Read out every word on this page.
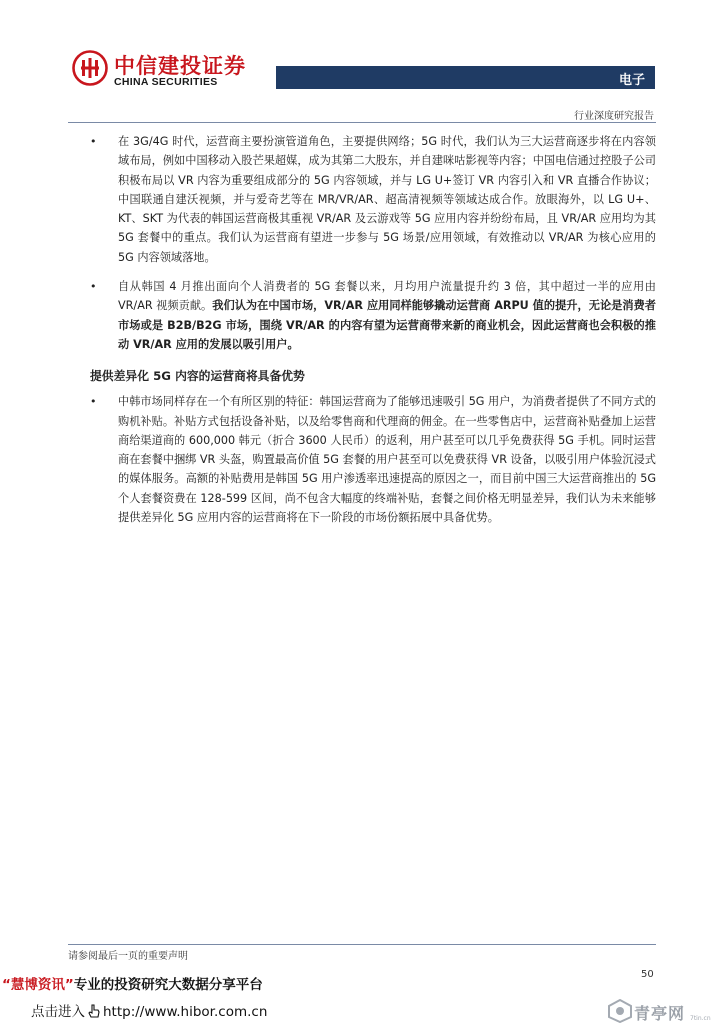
中信建投证券
CHINA SECURITIES	电子
行业深度研究报告
• 在 3G/4G 时代，运营商主要扮演管道角色，主要提供网络；5G 时代，我们认为三大运营商逐步将在内容领域布局，例如中国移动入股芒果超媒，成为其第二大股东，并自建咪咕影视等内容；中国电信通过控股子公司积极布局以 VR 内容为重要组成部分的 5G 内容领域，并与 LG U+签订 VR 内容引入和 VR 直播合作协议；中国联通自建沃视频，并与爱奇艺等在 MR/VR/AR、超高清视频等领域达成合作。放眼海外，以 LG U+、KT、SKT 为代表的韩国运营商极其重视 VR/AR 及云游戏等 5G 应用内容并纷纷布局，且 VR/AR 应用均为其 5G 套餐中的重点。我们认为运营商有望进一步参与 5G 场景/应用领域，有效推动以 VR/AR 为核心应用的 5G 内容领域落地。
• 自从韩国 4 月推出面向个人消费者的 5G 套餐以来，月均用户流量提升约 3 倍，其中超过一半的应用由 VR/AR 视频贡献。我们认为在中国市场，VR/AR 应用同样能够撬动运营商 ARPU 值的提升，无论是消费者市场或是 B2B/B2G 市场，围绕 VR/AR 的内容有望为运营商带来新的商业机会，因此运营商也会积极的推动 VR/AR 应用的发展以吸引用户。
提供差异化 5G 内容的运营商将具备优势
• 中韩市场同样存在一个有所区别的特征：韩国运营商为了能够迅速吸引 5G 用户，为消费者提供了不同方式的购机补贴。补贴方式包括设备补贴，以及给零售商和代理商的佣金。在一些零售店中，运营商补贴叠加上运营商给渠道商的 600,000 韩元（折合 3600 人民币）的返利，用户甚至可以几乎免费获得 5G 手机。同时运营商在套餐中捆绑 VR 头盔，购置最高价值 5G 套餐的用户甚至可以免费获得 VR 设备，以吸引用户体验沉浸式的媒体服务。高额的补贴费用是韩国 5G 用户渗透率迅速提高的原因之一，而目前中国三大运营商推出的 5G 个人套餐资费在 128-599 区间，尚不包含大幅度的终端补贴，套餐之间价格无明显差异，我们认为未来能够提供差异化 5G 应用内容的运营商将在下一阶段的市场份额拓展中具备优势。
请参阅最后一页的重要声明
50
“慧博资讯”专业的投资研究大数据分享平台
点击进入 http://www.hibor.com.cn	青亭网 7tin.cn
